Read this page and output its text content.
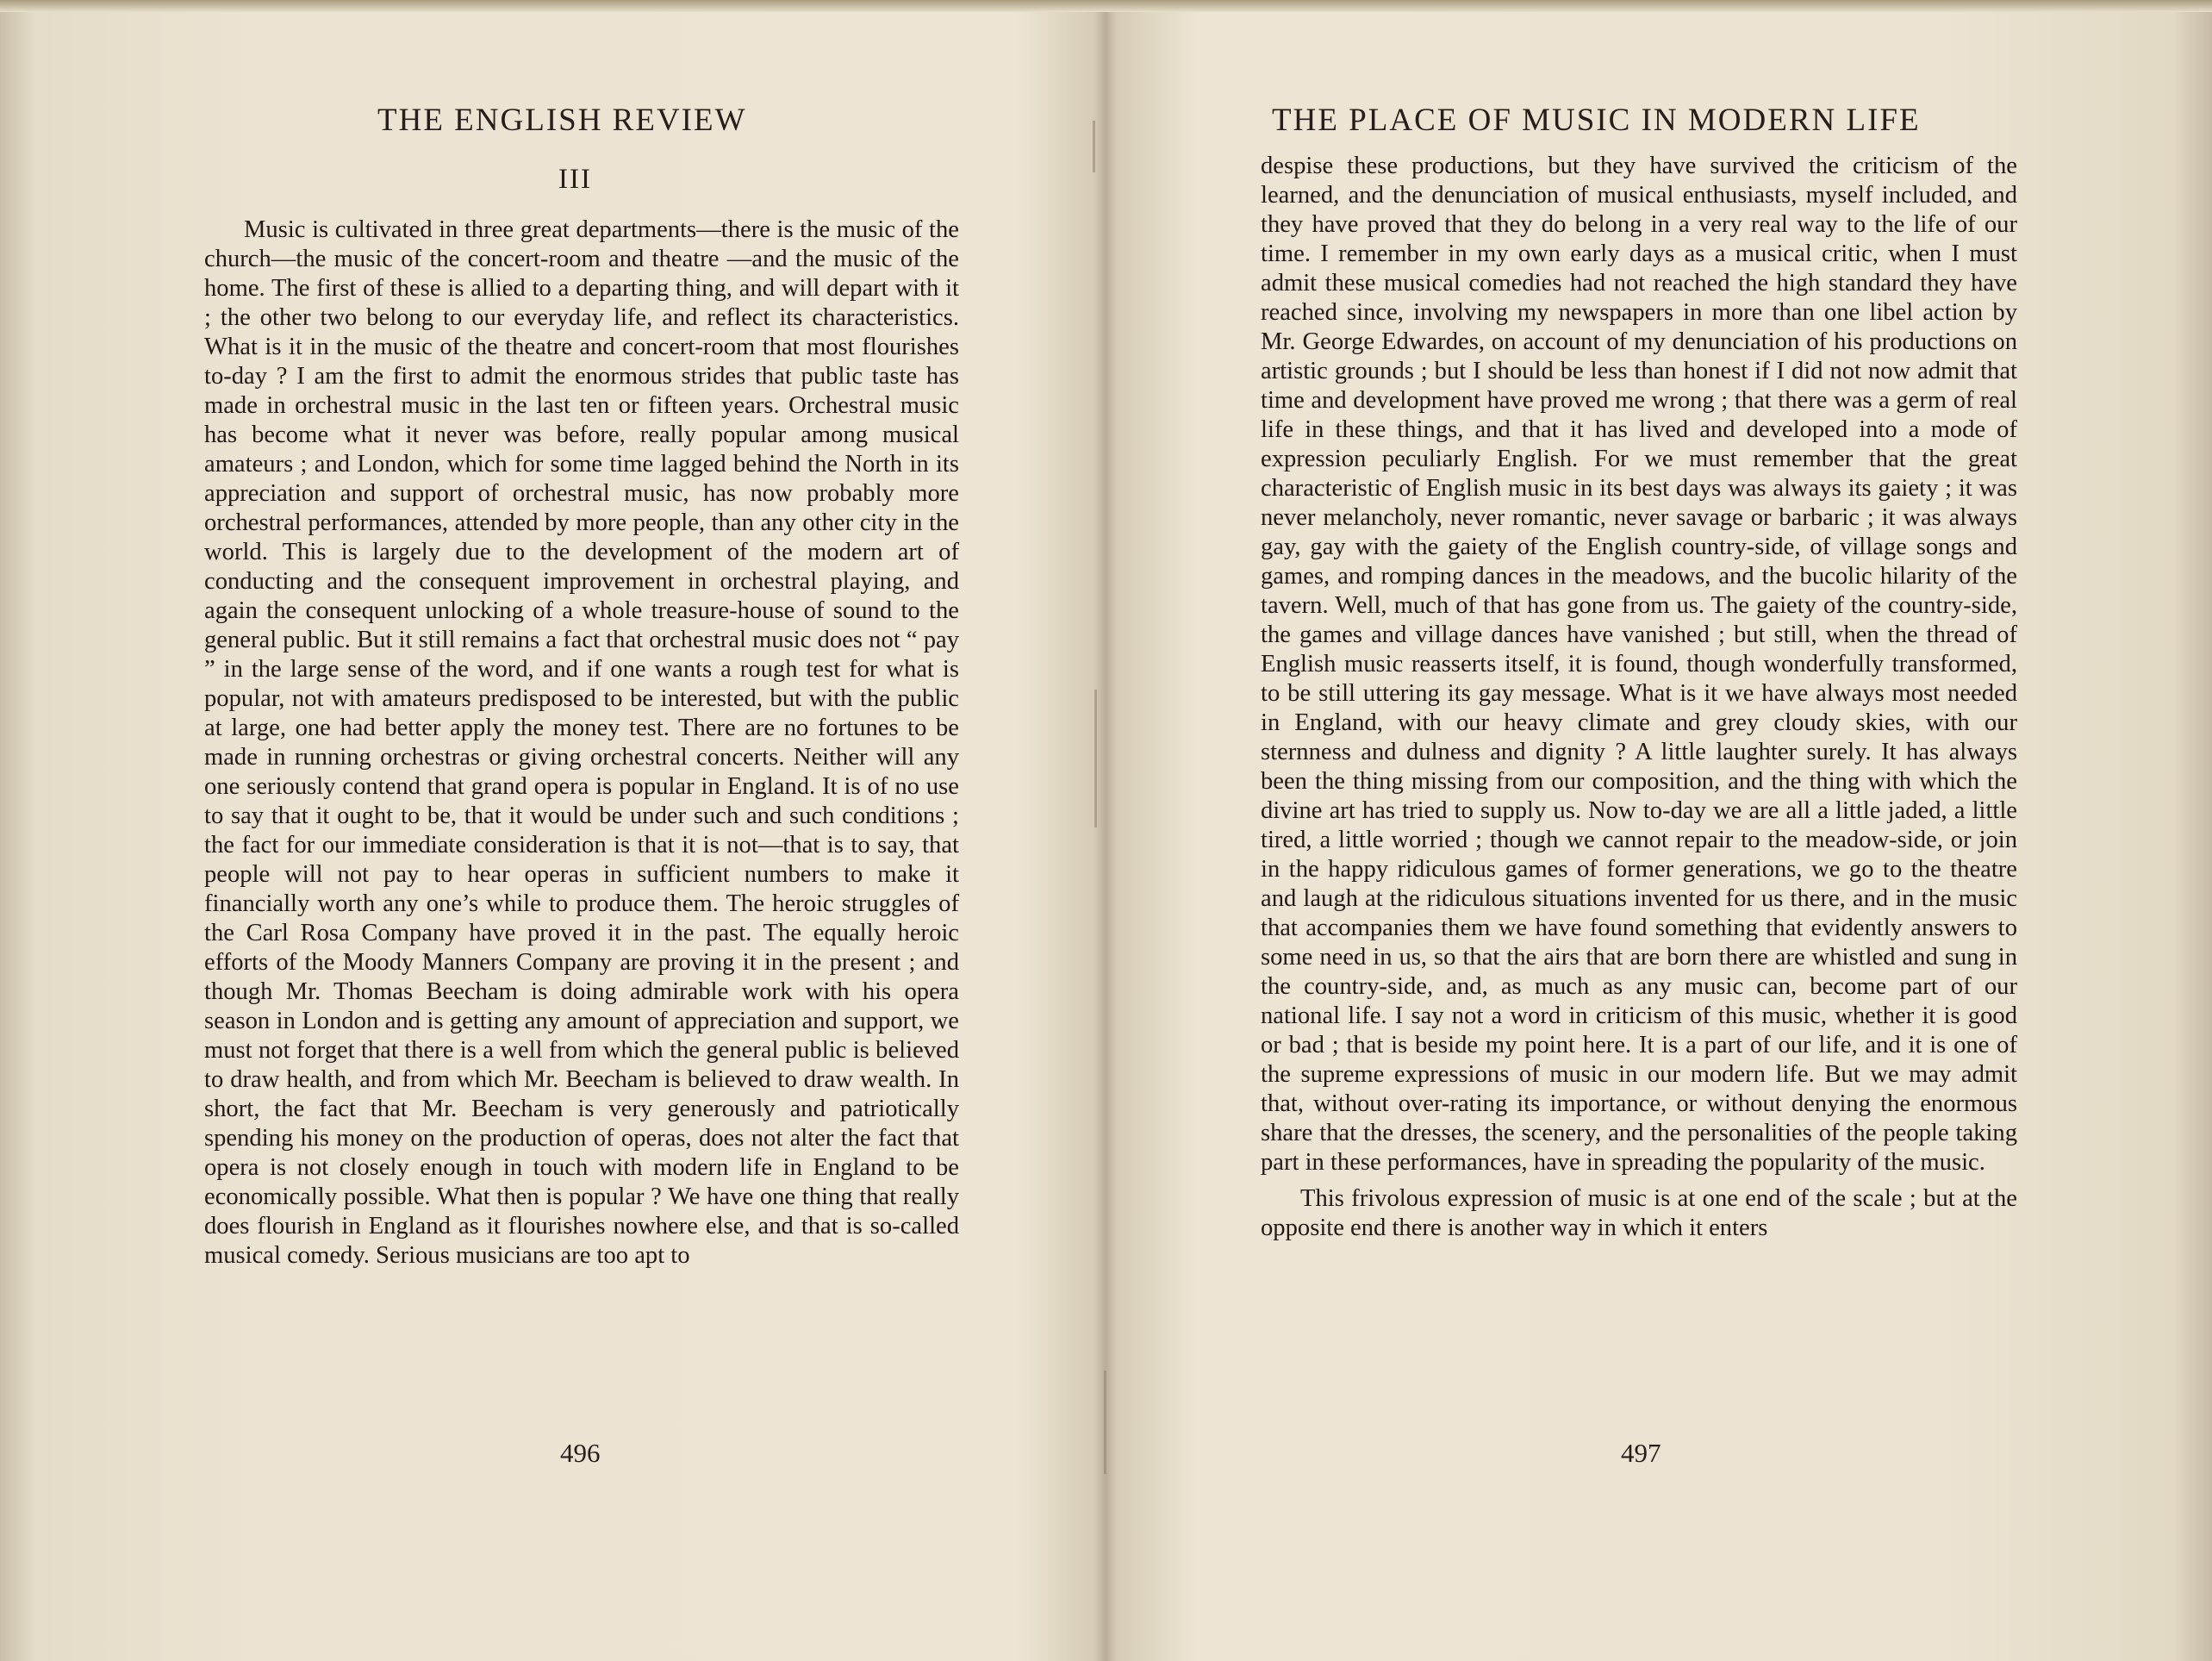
THE ENGLISH REVIEW
III

Music is cultivated in three great departments—there is the music of the church—the music of the concert-room and theatre —and the music of the home. The first of these is allied to a departing thing, and will depart with it ; the other two belong to our everyday life, and reflect its characteristics. What is it in the music of the theatre and concert-room that most flourishes to-day ? I am the first to admit the enormous strides that public taste has made in orchestral music in the last ten or fifteen years. Orchestral music has become what it never was before, really popular among musical amateurs ; and London, which for some time lagged behind the North in its appreciation and support of orchestral music, has now probably more orchestral performances, attended by more people, than any other city in the world. This is largely due to the development of the modern art of conducting and the consequent improvement in orchestral playing, and again the consequent unlocking of a whole treasure-house of sound to the general public. But it still remains a fact that orchestral music does not “ pay ” in the large sense of the word, and if one wants a rough test for what is popular, not with amateurs predisposed to be interested, but with the public at large, one had better apply the money test. There are no fortunes to be made in running orchestras or giving orchestral concerts. Neither will any one seriously contend that grand opera is popular in England. It is of no use to say that it ought to be, that it would be under such and such conditions ; the fact for our immediate consideration is that it is not—that is to say, that people will not pay to hear operas in sufficient numbers to make it financially worth any one’s while to produce them. The heroic struggles of the Carl Rosa Company have proved it in the past. The equally heroic efforts of the Moody Manners Company are proving it in the present ; and though Mr. Thomas Beecham is doing admirable work with his opera season in London and is getting any amount of appreciation and support, we must not forget that there is a well from which the general public is believed to draw health, and from which Mr. Beecham is believed to draw wealth. In short, the fact that Mr. Beecham is very generously and patriotically spending his money on the production of operas, does not alter the fact that opera is not closely enough in touch with modern life in England to be economically possible. What then is popular ? We have one thing that really does flourish in England as it flourishes nowhere else, and that is so-called musical comedy. Serious musicians are too apt to

496
THE PLACE OF MUSIC IN MODERN LIFE

despise these productions, but they have survived the criticism of the learned, and the denunciation of musical enthusiasts, myself included, and they have proved that they do belong in a very real way to the life of our time. I remember in my own early days as a musical critic, when I must admit these musical comedies had not reached the high standard they have reached since, involving my newspapers in more than one libel action by Mr. George Edwardes, on account of my denunciation of his productions on artistic grounds ; but I should be less than honest if I did not now admit that time and development have proved me wrong ; that there was a germ of real life in these things, and that it has lived and developed into a mode of expression peculiarly English. For we must remember that the great characteristic of English music in its best days was always its gaiety ; it was never melancholy, never romantic, never savage or barbaric ; it was always gay, gay with the gaiety of the English country-side, of village songs and games, and romping dances in the meadows, and the bucolic hilarity of the tavern. Well, much of that has gone from us. The gaiety of the country-side, the games and village dances have vanished ; but still, when the thread of English music reasserts itself, it is found, though wonderfully transformed, to be still uttering its gay message. What is it we have always most needed in England, with our heavy climate and grey cloudy skies, with our sternness and dulness and dignity ? A little laughter surely. It has always been the thing missing from our composition, and the thing with which the divine art has tried to supply us. Now to-day we are all a little jaded, a little tired, a little worried ; though we cannot repair to the meadow-side, or join in the happy ridiculous games of former generations, we go to the theatre and laugh at the ridiculous situations invented for us there, and in the music that accompanies them we have found something that evidently answers to some need in us, so that the airs that are born there are whistled and sung in the country-side, and, as much as any music can, become part of our national life. I say not a word in criticism of this music, whether it is good or bad ; that is beside my point here. It is a part of our life, and it is one of the supreme expressions of music in our modern life. But we may admit that, without over-rating its importance, or without denying the enormous share that the dresses, the scenery, and the personalities of the people taking part in these performances, have in spreading the popularity of the music.

This frivolous expression of music is at one end of the scale ; but at the opposite end there is another way in which it enters

497
